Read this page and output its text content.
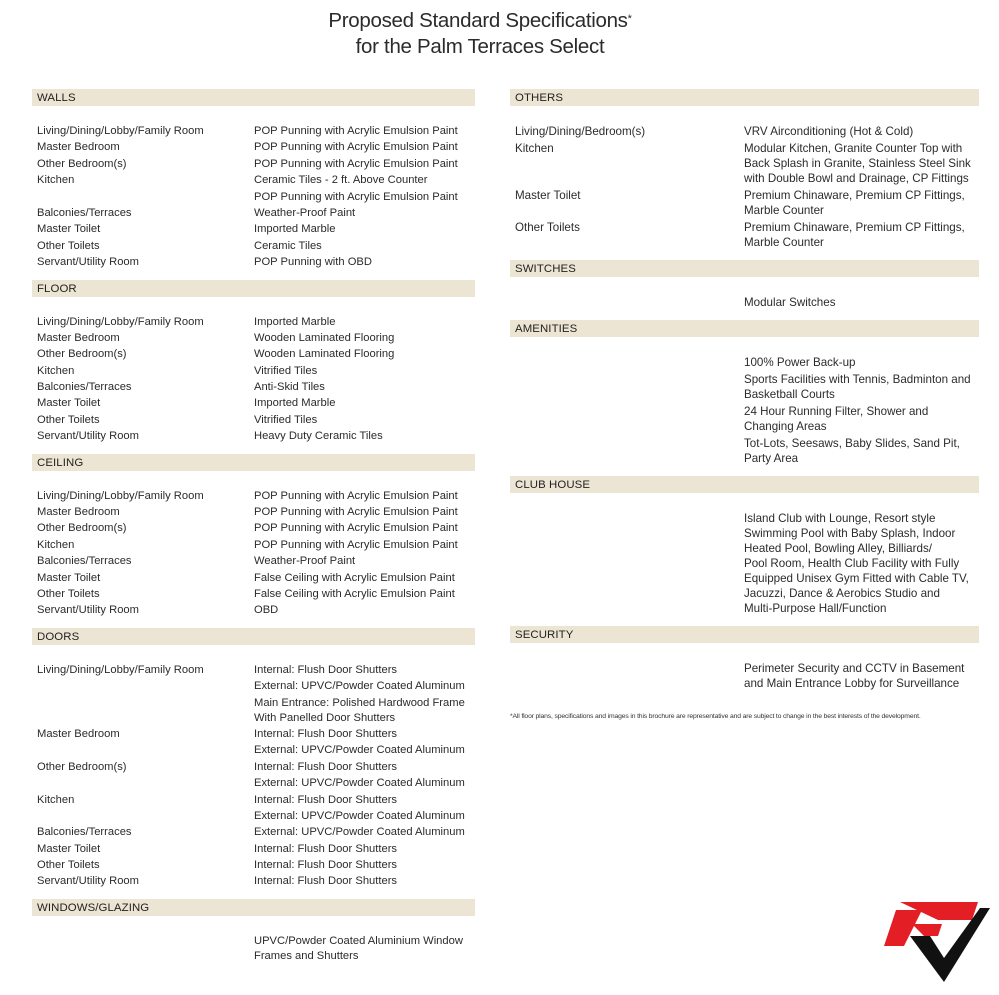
Proposed Standard Specifications*
for the Palm Terraces Select
WALLS
Living/Dining/Lobby/Family Room	POP Punning with Acrylic Emulsion Paint
Master Bedroom	POP Punning with Acrylic Emulsion Paint
Other Bedroom(s)	POP Punning with Acrylic Emulsion Paint
Kitchen	Ceramic Tiles - 2 ft. Above Counter
POP Punning with Acrylic Emulsion Paint
Balconies/Terraces	Weather-Proof Paint
Master Toilet	Imported Marble
Other Toilets	Ceramic Tiles
Servant/Utility Room	POP Punning with OBD
FLOOR
Living/Dining/Lobby/Family Room	Imported Marble
Master Bedroom	Wooden Laminated Flooring
Other Bedroom(s)	Wooden Laminated Flooring
Kitchen	Vitrified Tiles
Balconies/Terraces	Anti-Skid Tiles
Master Toilet	Imported Marble
Other Toilets	Vitrified Tiles
Servant/Utility Room	Heavy Duty Ceramic Tiles
CEILING
Living/Dining/Lobby/Family Room	POP Punning with Acrylic Emulsion Paint
Master Bedroom	POP Punning with Acrylic Emulsion Paint
Other Bedroom(s)	POP Punning with Acrylic Emulsion Paint
Kitchen	POP Punning with Acrylic Emulsion Paint
Balconies/Terraces	Weather-Proof Paint
Master Toilet	False Ceiling with Acrylic Emulsion Paint
Other Toilets	False Ceiling with Acrylic Emulsion Paint
Servant/Utility Room	OBD
DOORS
Living/Dining/Lobby/Family Room	Internal: Flush Door Shutters
External: UPVC/Powder Coated Aluminum
Main Entrance: Polished Hardwood Frame
With Panelled Door Shutters
Master Bedroom	Internal: Flush Door Shutters
External: UPVC/Powder Coated Aluminum
Other Bedroom(s)	Internal: Flush Door Shutters
External: UPVC/Powder Coated Aluminum
Kitchen	Internal: Flush Door Shutters
External: UPVC/Powder Coated Aluminum
Balconies/Terraces	External: UPVC/Powder Coated Aluminum
Master Toilet	Internal: Flush Door Shutters
Other Toilets	Internal: Flush Door Shutters
Servant/Utility Room	Internal: Flush Door Shutters
WINDOWS/GLAZING
UPVC/Powder Coated Aluminium Window
Frames and Shutters
OTHERS
Living/Dining/Bedroom(s)	VRV Airconditioning (Hot & Cold)
Kitchen	Modular Kitchen, Granite Counter Top with
Back Splash in Granite, Stainless Steel Sink
with Double Bowl and Drainage, CP Fittings
Master Toilet	Premium Chinaware, Premium CP Fittings,
Marble Counter
Other Toilets	Premium Chinaware, Premium CP Fittings,
Marble Counter
SWITCHES
Modular Switches
AMENITIES
100% Power Back-up
Sports Facilities with Tennis, Badminton and
Basketball Courts
24 Hour Running Filter, Shower and
Changing Areas
Tot-Lots, Seesaws, Baby Slides, Sand Pit,
Party Area
CLUB HOUSE
Island Club with Lounge, Resort style
Swimming Pool with Baby Splash, Indoor
Heated Pool, Bowling Alley, Billiards/
Pool Room, Health Club Facility with Fully
Equipped Unisex Gym Fitted with Cable TV,
Jacuzzi, Dance & Aerobics Studio and
Multi-Purpose Hall/Function
SECURITY
Perimeter Security and CCTV in Basement
and Main Entrance Lobby for Surveillance
*All floor plans, specifications and images in this brochure are representative and are subject to change in the best interests of the development.
